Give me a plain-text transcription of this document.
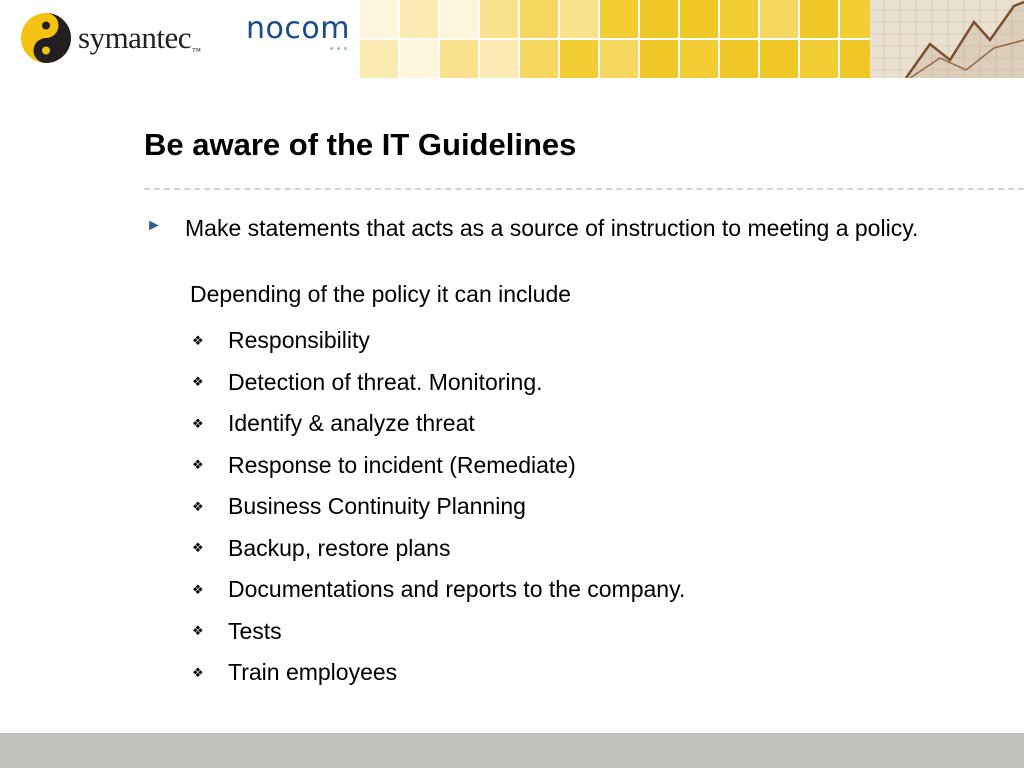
symantec™
nocom
Be aware of the IT Guidelines
► Make statements that acts as a source of instruction to meeting a policy.
Depending of the policy it can include
❖	Responsibility
❖	Detection of threat. Monitoring.
❖	Identify & analyze threat
❖	Response to incident (Remediate)
❖	Business Continuity Planning
❖	Backup, restore plans
❖	Documentations and reports to the company.
❖	Tests
❖	Train employees
